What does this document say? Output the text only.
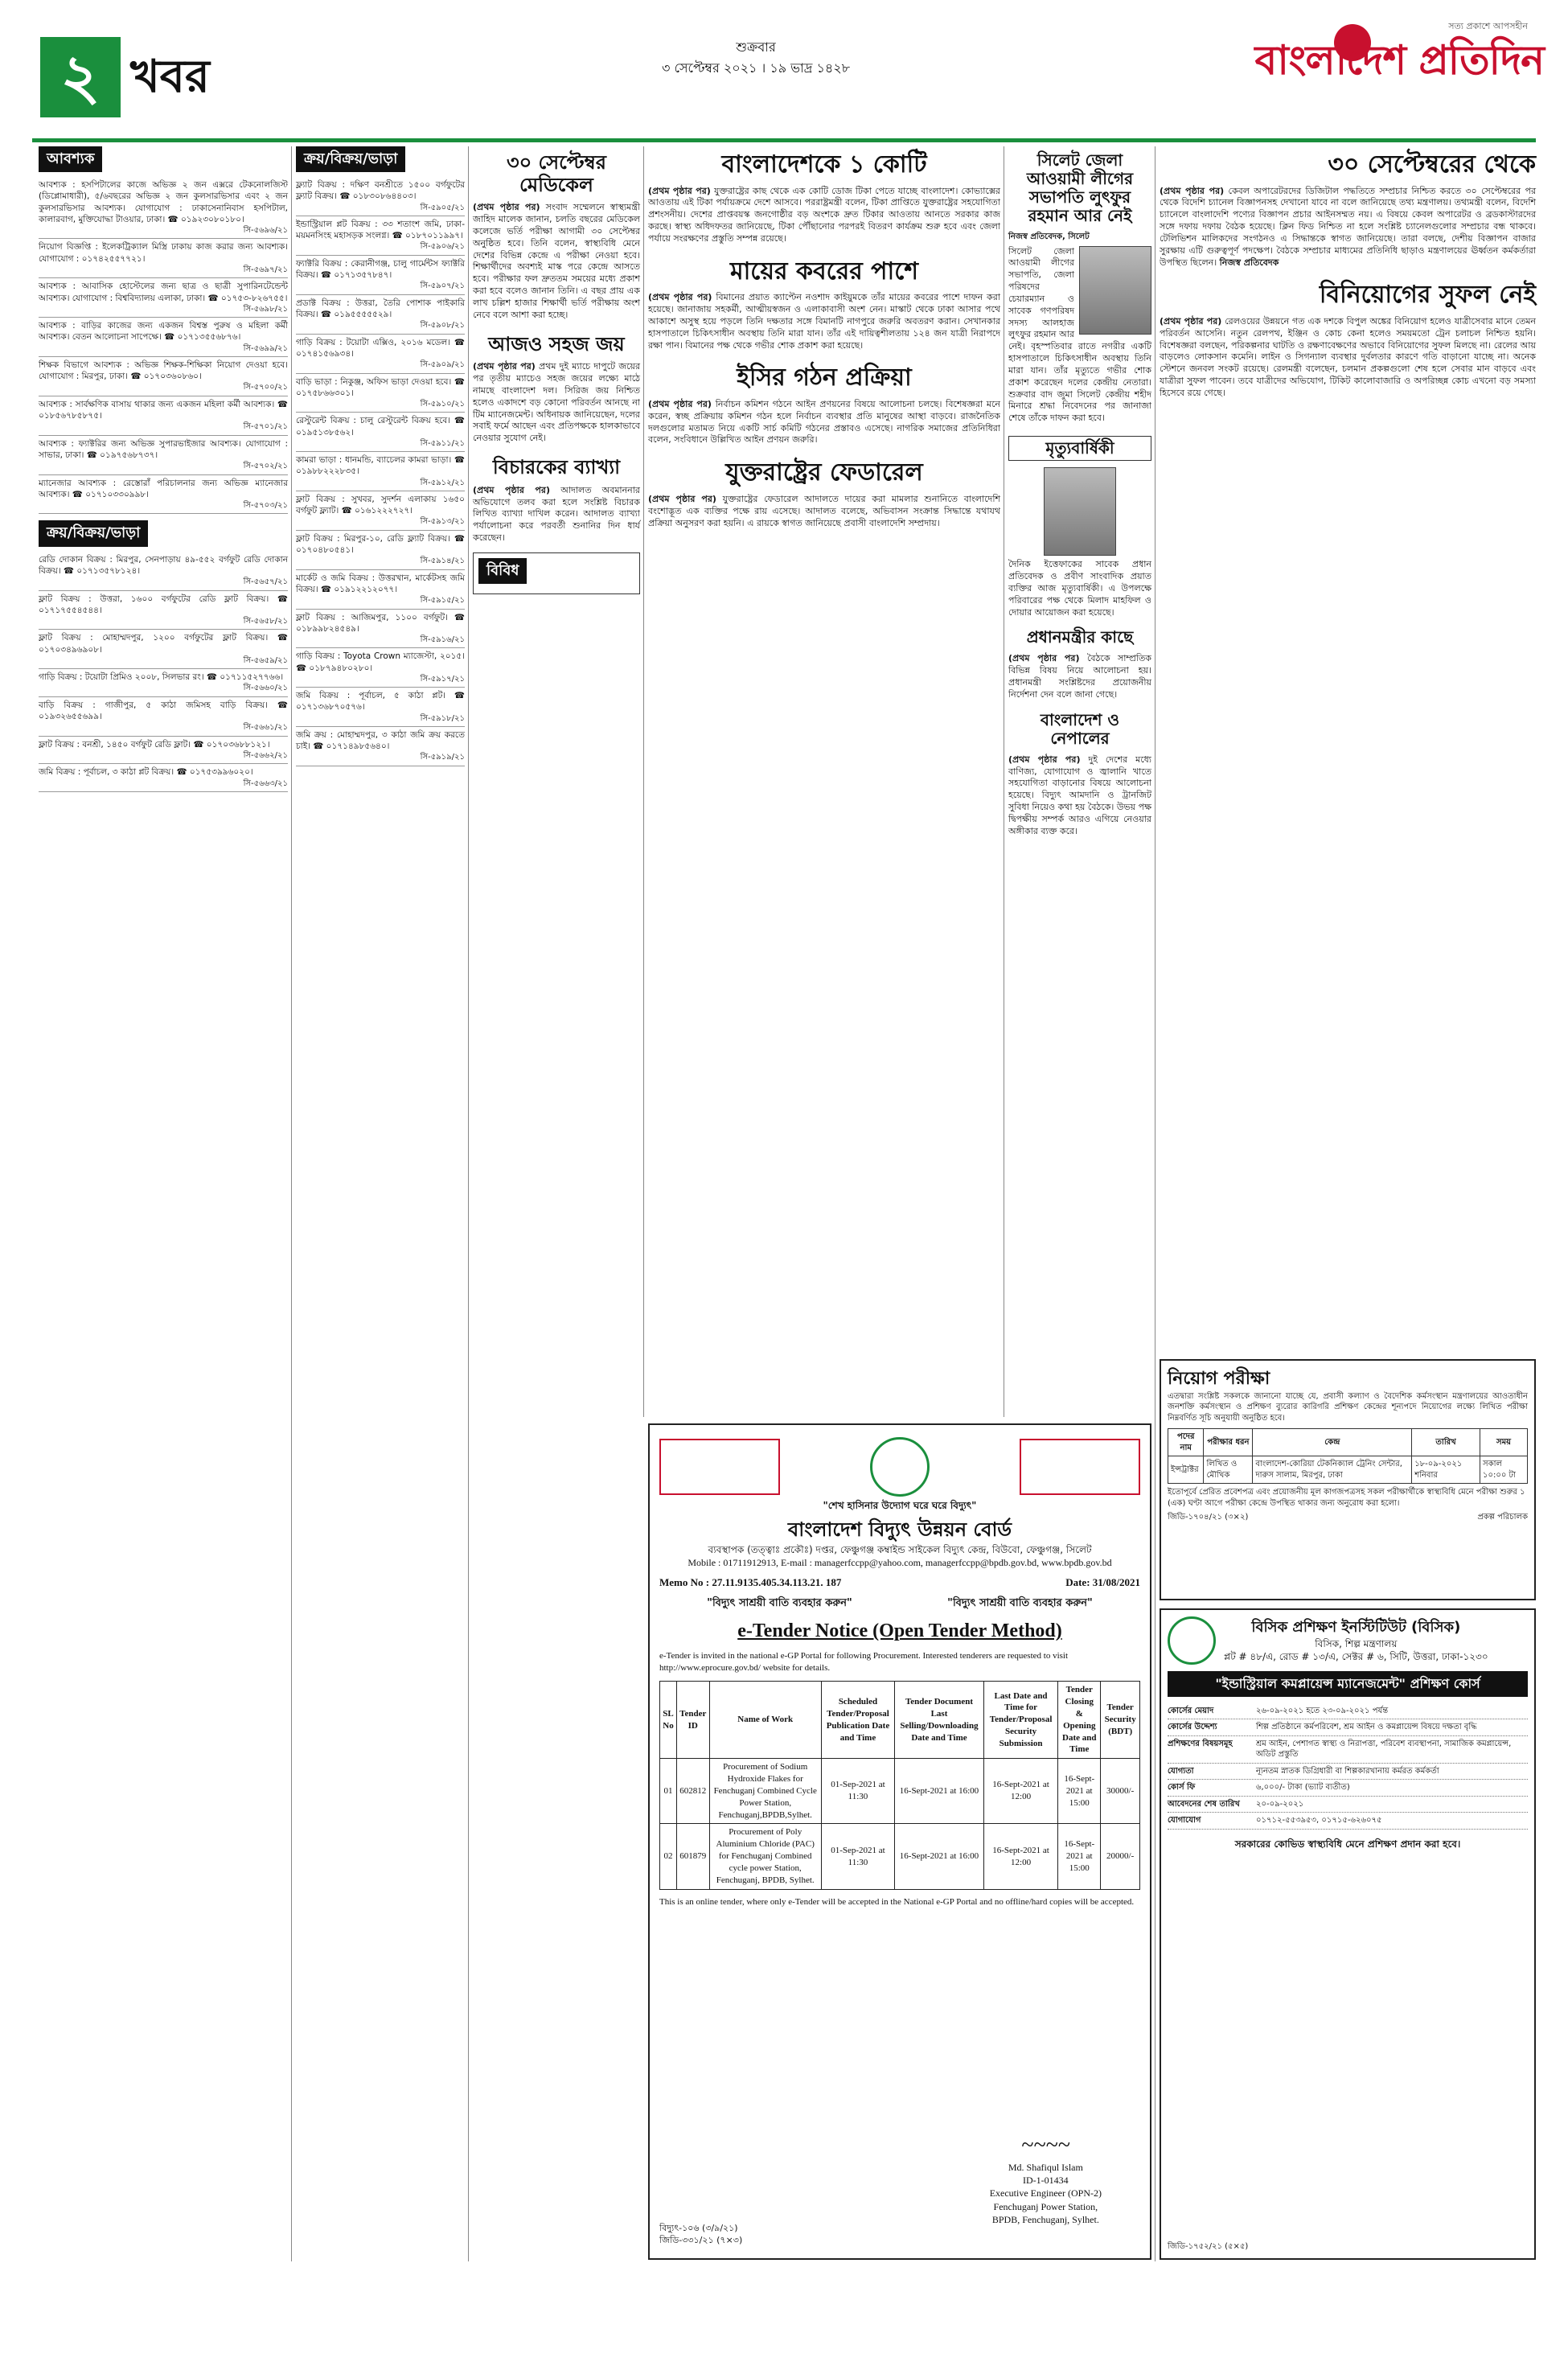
২ খবর
শুক্রবার
৩ সেপ্টেম্বর ২০২১ । ১৯ ভাদ্র ১৪২৮
সত্য প্রকাশে আপসহীন
বাংলাদেশ প্রতিদিন
আবশ্যক
আবশ্যক : হসপিটালের কাজে অভিজ্ঞ ২ জন এক্সরে টেকনোলজিস্ট (ডিপ্লোমাধারী), ৫/৬বছরের অভিজ্ঞ ২ জন কুলসারভিসার এবং ২ জন কুলসারভিসার আবশ্যক। যোগাযোগ : ঢাকাসেনানিবাস হসপিটাল, কালারবাগ, মুক্তিযোদ্ধা টাওয়ার, ঢাকা। ☎ ০১৯২৩০৮০১৮০।
সি-৫৬৯৬/২১
নিয়োগ বিজ্ঞপ্তি : ইলেকট্রিক্যাল মিস্ত্রি ঢাকায় কাজ করার জন্য আবশ্যক। যোগাযোগ : ০১৭৪২৫৫৭৭২১।
সি-৫৬৯৭/২১
আবশ্যক : আবাসিক হোস্টেলের জন্য ছাত্র ও ছাত্রী সুপারিনটেন্ডেন্ট আবশ্যক। যোগাযোগ : বিশ্ববিদ্যালয় এলাকা, ঢাকা। ☎ ০১৭৫৩-৮২৬৭৫৫।
সি-৫৬৯৮/২১
আবশ্যক : বাড়ির কাজের জন্য একজন বিশ্বস্ত পুরুষ ও মহিলা কর্মী আবশ্যক। বেতন আলোচনা সাপেক্ষে। ☎ ০১৭১৩৫৫৬৮৭৬।
সি-৫৬৯৯/২১
শিক্ষক বিভাগে আবশ্যক : অভিজ্ঞ শিক্ষক-শিক্ষিকা নিয়োগ দেওয়া হবে। যোগাযোগ : মিরপুর, ঢাকা। ☎ ০১৭০৩৬০৮৬০।
সি-৫৭০০/২১
আবশ্যক : সার্বক্ষণিক বাসায় থাকার জন্য একজন মহিলা কর্মী আবশ্যক। ☎ ০১৮৫৬৭৮৫৮৭৫।
সি-৫৭০১/২১
আবশ্যক : ফ্যাক্টরির জন্য অভিজ্ঞ সুপারভাইজার আবশ্যক। যোগাযোগ : সাভার, ঢাকা। ☎ ০১৯৭৫৬৮৭৩৭।
সি-৫৭০২/২১
ম্যানেজার আবশ্যক : রেস্তোরাঁ পরিচালনার জন্য অভিজ্ঞ ম্যানেজার আবশ্যক। ☎ ০১৭১০৩৩০৯৯৮।
সি-৫৭০৩/২১
ক্রয়/বিক্রয়/ভাড়া
রেডি দোকান বিক্রয় : মিরপুর, সেনপাড়ায় ৪৯-৫৫২ বর্গফুট রেডি দোকান বিক্রয়। ☎ ০১৭১৩৫৭৮১২৪।
সি-৫৬৫৭/২১
ফ্লাট বিক্রয় : উত্তরা, ১৬০০ বর্গফুটের রেডি ফ্লাট বিক্রয়। ☎ ০১৭১৭৫৫৪৫৪৪।
সি-৫৬৫৮/২১
ফ্লাট বিক্রয় : মোহাম্মদপুর, ১২০০ বর্গফুটের ফ্লাট বিক্রয়। ☎ ০১৭০৩৪৯৬৯০৮।
সি-৫৬৫৯/২১
গাড়ি বিক্রয় : টয়োটা প্রিমিও ২০০৮, সিলভার রং। ☎ ০১৭১১৫২৭৭৬৬।
সি-৫৬৬০/২১
বাড়ি বিক্রয় : গাজীপুর, ৫ কাঠা জমিসহ বাড়ি বিক্রয়। ☎ ০১৯৩২৬৫৫৬৯৯।
সি-৫৬৬১/২১
ফ্লাট বিক্রয় : বনশ্রী, ১৪৫০ বর্গফুট রেডি ফ্লাট। ☎ ০১৭০৩৬৮৮১২১।
সি-৫৬৬২/২১
জমি বিক্রয় : পূর্বাচল, ৩ কাঠা প্লট বিক্রয়। ☎ ০১৭৫৩৯৯৬০২০।
সি-৫৬৬৩/২১
ক্রয়/বিক্রয়/ভাড়া
ফ্ল্যাট বিক্রয় : দক্ষিণ বনশ্রীতে ১৫০০ বর্গফুটের ফ্ল্যাট বিক্রয়। ☎ ০১৮৩০৮৬৪৪০৩।
সি-৫৯০৫/২১
ইন্ডাস্ট্রিয়াল প্লট বিক্রয় : ৩৩ শতাংশ জমি, ঢাকা-ময়মনসিংহ মহাসড়ক সংলগ্ন। ☎ ০১৮৭০১১৯৯৭।
সি-৫৯০৬/২১
ফ্যাক্টরি বিক্রয় : কেরানীগঞ্জ, চালু গার্মেন্টস ফ্যাক্টরি বিক্রয়। ☎ ০১৭১৩৫৭৮৪৭।
সি-৫৯০৭/২১
প্রডাক্ট বিক্রয় : উত্তরা, তৈরি পোশাক পাইকারি বিক্রয়। ☎ ০১৯৫৫৫৫৫২৯।
সি-৫৯০৮/২১
গাড়ি বিক্রয় : টয়োটা এক্সিও, ২০১৬ মডেল। ☎ ০১৭৪১৫৬৯৩৪।
সি-৫৯০৯/২১
বাড়ি ভাড়া : নিকুঞ্জ, অফিস ভাড়া দেওয়া হবে। ☎ ০১৭৫৮৬৬৩০১।
সি-৫৯১০/২১
রেস্টুরেন্ট বিক্রয় : চালু রেস্টুরেন্ট বিক্রয় হবে। ☎ ০১৯৫১৩৮৫৬২।
সি-৫৯১১/২১
কামরা ভাড়া : ধানমন্ডি, ব্যাচেলর কামরা ভাড়া। ☎ ০১৯৮৮২২২৮৩৫।
সি-৫৯১২/২১
ফ্লাট বিক্রয় : সুখবর, সুদর্শন এলাকায় ১৬৫০ বর্গফুট ফ্ল্যাট। ☎ ০১৬১২২২৭২৭।
সি-৫৯১৩/২১
ফ্লাট বিক্রয় : মিরপুর-১০, রেডি ফ্ল্যাট বিক্রয়। ☎ ০১৭০৪৮০৫৪১।
সি-৫৯১৪/২১
মার্কেট ও জমি বিক্রয় : উত্তরখান, মার্কেটসহ জমি বিক্রয়। ☎ ০১৯১২২১২০৭৭।
সি-৫৯১৫/২১
ফ্লাট বিক্রয় : আজিমপুর, ১১০০ বর্গফুট। ☎ ০১৮৯৯৮২৪৫৪৯।
সি-৫৯১৬/২১
গাড়ি বিক্রয় : Toyota Crown ম্যাজেস্টা, ২০১৫। ☎ ০১৮৭৯৪৮০২৮০।
সি-৫৯১৭/২১
জমি বিক্রয় : পূর্বাচল, ৫ কাঠা প্লট। ☎ ০১৭১৩৬৮৭০৫৭৬।
সি-৫৯১৮/২১
জমি ক্রয় : মোহাম্মদপুর, ৩ কাঠা জমি ক্রয় করতে চাই। ☎ ০১৭১৪৯৮৫৬৪০।
সি-৫৯১৯/২১
৩০ সেপ্টেম্বর মেডিকেল
(প্রথম পৃষ্ঠার পর) সংবাদ সম্মেলনে স্বাস্থ্যমন্ত্রী জাহিদ মালেক জানান, চলতি বছরের মেডিকেল কলেজে ভর্তি পরীক্ষা আগামী ৩০ সেপ্টেম্বর অনুষ্ঠিত হবে। তিনি বলেন, স্বাস্থ্যবিধি মেনে দেশের বিভিন্ন কেন্দ্রে এ পরীক্ষা নেওয়া হবে। শিক্ষার্থীদের অবশ্যই মাস্ক পরে কেন্দ্রে আসতে হবে। পরীক্ষার ফল দ্রুততম সময়ের মধ্যে প্রকাশ করা হবে বলেও জানান তিনি। এ বছর প্রায় এক লাখ চল্লিশ হাজার শিক্ষার্থী ভর্তি পরীক্ষায় অংশ নেবে বলে আশা করা হচ্ছে।
আজও সহজ জয়
(প্রথম পৃষ্ঠার পর) প্রথম দুই ম্যাচে দাপুটে জয়ের পর তৃতীয় ম্যাচেও সহজ জয়ের লক্ষ্যে মাঠে নামছে বাংলাদেশ দল। সিরিজ জয় নিশ্চিত হলেও একাদশে বড় কোনো পরিবর্তন আনছে না টিম ম্যানেজমেন্ট। অধিনায়ক জানিয়েছেন, দলের সবাই ফর্মে আছেন এবং প্রতিপক্ষকে হালকাভাবে নেওয়ার সুযোগ নেই।
বিচারকের ব্যাখ্যা
(প্রথম পৃষ্ঠার পর) আদালত অবমাননার অভিযোগে তলব করা হলে সংশ্লিষ্ট বিচারক লিখিত ব্যাখ্যা দাখিল করেন। আদালত ব্যাখ্যা পর্যালোচনা করে পরবর্তী শুনানির দিন ধার্য করেছেন।
বিবিধ
বাংলাদেশকে ১ কোটি
(প্রথম পৃষ্ঠার পর) যুক্তরাষ্ট্রের কাছ থেকে এক কোটি ডোজ টিকা পেতে যাচ্ছে বাংলাদেশ। কোভ্যাক্সের আওতায় এই টিকা পর্যায়ক্রমে দেশে আসবে। পররাষ্ট্রমন্ত্রী বলেন, টিকা প্রাপ্তিতে যুক্তরাষ্ট্রের সহযোগিতা প্রশংসনীয়। দেশের প্রাপ্তবয়স্ক জনগোষ্ঠীর বড় অংশকে দ্রুত টিকার আওতায় আনতে সরকার কাজ করছে। স্বাস্থ্য অধিদফতর জানিয়েছে, টিকা পৌঁছানোর পরপরই বিতরণ কার্যক্রম শুরু হবে এবং জেলা পর্যায়ে সংরক্ষণের প্রস্তুতি সম্পন্ন রয়েছে।
মায়ের কবরের পাশে
(প্রথম পৃষ্ঠার পর) বিমানের প্রয়াত ক্যাপ্টেন নওশাদ কাইয়ুমকে তাঁর মায়ের কবরের পাশে দাফন করা হয়েছে। জানাজায় সহকর্মী, আত্মীয়স্বজন ও এলাকাবাসী অংশ নেন। মাস্কাট থেকে ঢাকা আসার পথে আকাশে অসুস্থ হয়ে পড়লে তিনি দক্ষতার সঙ্গে বিমানটি নাগপুরে জরুরি অবতরণ করান। সেখানকার হাসপাতালে চিকিৎসাধীন অবস্থায় তিনি মারা যান। তাঁর এই দায়িত্বশীলতায় ১২৪ জন যাত্রী নিরাপদে রক্ষা পান। বিমানের পক্ষ থেকে গভীর শোক প্রকাশ করা হয়েছে।
ইসির গঠন প্রক্রিয়া
(প্রথম পৃষ্ঠার পর) নির্বাচন কমিশন গঠনে আইন প্রণয়নের বিষয়ে আলোচনা চলছে। বিশেষজ্ঞরা মনে করেন, স্বচ্ছ প্রক্রিয়ায় কমিশন গঠন হলে নির্বাচন ব্যবস্থার প্রতি মানুষের আস্থা বাড়বে। রাজনৈতিক দলগুলোর মতামত নিয়ে একটি সার্চ কমিটি গঠনের প্রস্তাবও এসেছে। নাগরিক সমাজের প্রতিনিধিরা বলেন, সংবিধানে উল্লিখিত আইন প্রণয়ন জরুরি।
যুক্তরাষ্ট্রের ফেডারেল
(প্রথম পৃষ্ঠার পর) যুক্তরাষ্ট্রের ফেডারেল আদালতে দায়ের করা মামলার শুনানিতে বাংলাদেশি বংশোদ্ভূত এক ব্যক্তির পক্ষে রায় এসেছে। আদালত বলেছে, অভিবাসন সংক্রান্ত সিদ্ধান্তে যথাযথ প্রক্রিয়া অনুসরণ করা হয়নি। এ রায়কে স্বাগত জানিয়েছে প্রবাসী বাংলাদেশি সম্প্রদায়।
সিলেট জেলা আওয়ামী লীগের সভাপতি লুৎফুর রহমান আর নেই
নিজস্ব প্রতিবেদক, সিলেট
সিলেট জেলা আওয়ামী লীগের সভাপতি, জেলা পরিষদের চেয়ারম্যান ও সাবেক গণপরিষদ সদস্য আলহাজ লুৎফুর রহমান আর নেই। বৃহস্পতিবার রাতে নগরীর একটি হাসপাতালে চিকিৎসাধীন অবস্থায় তিনি মারা যান। তাঁর মৃত্যুতে গভীর শোক প্রকাশ করেছেন দলের কেন্দ্রীয় নেতারা। শুক্রবার বাদ জুমা সিলেট কেন্দ্রীয় শহীদ মিনারে শ্রদ্ধা নিবেদনের পর জানাজা শেষে তাঁকে দাফন করা হবে।
মৃত্যুবার্ষিকী
দৈনিক ইত্তেফাকের সাবেক প্রধান প্রতিবেদক ও প্রবীণ সাংবাদিক প্রয়াত ব্যক্তির আজ মৃত্যুবার্ষিকী। এ উপলক্ষে পরিবারের পক্ষ থেকে মিলাদ মাহফিল ও দোয়ার আয়োজন করা হয়েছে।
প্রধানমন্ত্রীর কাছে
(প্রথম পৃষ্ঠার পর) বৈঠকে সাম্প্রতিক বিভিন্ন বিষয় নিয়ে আলোচনা হয়। প্রধানমন্ত্রী সংশ্লিষ্টদের প্রয়োজনীয় নির্দেশনা দেন বলে জানা গেছে।
বাংলাদেশ ও নেপালের
(প্রথম পৃষ্ঠার পর) দুই দেশের মধ্যে বাণিজ্য, যোগাযোগ ও জ্বালানি খাতে সহযোগিতা বাড়ানোর বিষয়ে আলোচনা হয়েছে। বিদ্যুৎ আমদানি ও ট্রানজিট সুবিধা নিয়েও কথা হয় বৈঠকে। উভয় পক্ষ দ্বিপক্ষীয় সম্পর্ক আরও এগিয়ে নেওয়ার অঙ্গীকার ব্যক্ত করে।
৩০ সেপ্টেম্বরের থেকে
(প্রথম পৃষ্ঠার পর) কেবল অপারেটরদের ডিজিটাল পদ্ধতিতে সম্প্রচার নিশ্চিত করতে ৩০ সেপ্টেম্বরের পর থেকে বিদেশি চ্যানেল বিজ্ঞাপনসহ দেখানো যাবে না বলে জানিয়েছে তথ্য মন্ত্রণালয়। তথ্যমন্ত্রী বলেন, বিদেশি চ্যানেলে বাংলাদেশি পণ্যের বিজ্ঞাপন প্রচার আইনসম্মত নয়। এ বিষয়ে কেবল অপারেটর ও ব্রডকাস্টারদের সঙ্গে দফায় দফায় বৈঠক হয়েছে। ক্লিন ফিড নিশ্চিত না হলে সংশ্লিষ্ট চ্যানেলগুলোর সম্প্রচার বন্ধ থাকবে। টেলিভিশন মালিকদের সংগঠনও এ সিদ্ধান্তকে স্বাগত জানিয়েছে। তারা বলছে, দেশীয় বিজ্ঞাপন বাজার সুরক্ষায় এটি গুরুত্বপূর্ণ পদক্ষেপ। বৈঠকে সম্প্রচার মাধ্যমের প্রতিনিধি ছাড়াও মন্ত্রণালয়ের ঊর্ধ্বতন কর্মকর্তারা উপস্থিত ছিলেন। নিজস্ব প্রতিবেদক
বিনিয়োগের সুফল নেই
(প্রথম পৃষ্ঠার পর) রেলওয়ের উন্নয়নে গত এক দশকে বিপুল অঙ্কের বিনিয়োগ হলেও যাত্রীসেবার মানে তেমন পরিবর্তন আসেনি। নতুন রেলপথ, ইঞ্জিন ও কোচ কেনা হলেও সময়মতো ট্রেন চলাচল নিশ্চিত হয়নি। বিশেষজ্ঞরা বলছেন, পরিকল্পনার ঘাটতি ও রক্ষণাবেক্ষণের অভাবে বিনিয়োগের সুফল মিলছে না। রেলের আয় বাড়লেও লোকসান কমেনি। লাইন ও সিগন্যাল ব্যবস্থার দুর্বলতার কারণে গতি বাড়ানো যাচ্ছে না। অনেক স্টেশনে জনবল সংকট রয়েছে। রেলমন্ত্রী বলেছেন, চলমান প্রকল্পগুলো শেষ হলে সেবার মান বাড়বে এবং যাত্রীরা সুফল পাবেন। তবে যাত্রীদের অভিযোগ, টিকিট কালোবাজারি ও অপরিচ্ছন্ন কোচ এখনো বড় সমস্যা হিসেবে রয়ে গেছে।
"শেখ হাসিনার উদ্যোগ ঘরে ঘরে বিদ্যুৎ"
বাংলাদেশ বিদ্যুৎ উন্নয়ন বোর্ড
ব্যবস্থাপক (তত্ত্বাঃ প্রকৌঃ) দপ্তর, ফেঞ্চুগঞ্জ কম্বাইন্ড সাইকেল বিদ্যুৎ কেন্দ্র, বিউবো, ফেঞ্চুগঞ্জ, সিলেট
Mobile : 01711912913, E-mail : managerfccpp@yahoo.com, managerfccpp@bpdb.gov.bd, www.bpdb.gov.bd
Memo No : 27.11.9135.405.34.113.21. 187	Date: 31/08/2021
"বিদ্যুৎ সাশ্রয়ী বাতি ব্যবহার করুন"	"বিদ্যুৎ সাশ্রয়ী বাতি ব্যবহার করুন"
e-Tender Notice (Open Tender Method)
e-Tender is invited in the national e-GP Portal for following Procurement. Interested tenderers are requested to visit http://www.eprocure.gov.bd/ website for details.
SL No	Tender ID	Name of Work	Scheduled Tender/Proposal Publication Date and Time	Tender Document Last Selling/Downloading Date and Time	Last Date and Time for Tender/Proposal Security Submission	Tender Closing & Opening Date and Time	Tender Security (BDT)
01	602812	Procurement of Sodium Hydroxide Flakes for Fenchuganj Combined Cycle Power Station, Fenchuganj,BPDB,Sylhet.	01-Sep-2021 at 11:30	16-Sept-2021 at 16:00	16-Sept-2021 at 12:00	16-Sept-2021 at 15:00	30000/-
02	601879	Procurement of Poly Aluminium Chloride (PAC) for Fenchuganj Combined cycle power Station, Fenchuganj, BPDB, Sylhet.	01-Sep-2021 at 11:30	16-Sept-2021 at 16:00	16-Sept-2021 at 12:00	16-Sept-2021 at 15:00	20000/-
This is an online tender, where only e-Tender will be accepted in the National e-GP Portal and no offline/hard copies will be accepted.
~~~~
Md. Shafiqul Islam
ID-1-01434
Executive Engineer (OPN-2)
Fenchuganj Power Station,
BPDB, Fenchuganj, Sylhet.
বিদ্যুৎ-১০৬ (৩/৯/২১)
জিডি-৩৩১/২১ (৭×৩)
নিয়োগ পরীক্ষা
এতদ্বারা সংশ্লিষ্ট সকলকে জানানো যাচ্ছে যে, প্রবাসী কল্যাণ ও বৈদেশিক কর্মসংস্থান মন্ত্রণালয়ের আওতাধীন জনশক্তি কর্মসংস্থান ও প্রশিক্ষণ ব্যুরোর কারিগরি প্রশিক্ষণ কেন্দ্রের শূন্যপদে নিয়োগের লক্ষ্যে লিখিত পরীক্ষা নিম্নবর্ণিত সূচি অনুযায়ী অনুষ্ঠিত হবে।
পদের নাম	পরীক্ষার ধরন	কেন্দ্র	তারিখ	সময়
ইন্সট্রাক্টর	লিখিত ও মৌখিক	বাংলাদেশ-কোরিয়া টেকনিক্যাল ট্রেনিং সেন্টার, দারুস সালাম, মিরপুর, ঢাকা	১৮-০৯-২০২১ শনিবার	সকাল ১০:০০ টা
ইতোপূর্বে প্রেরিত প্রবেশপত্র এবং প্রয়োজনীয় মূল কাগজপত্রসহ সকল পরীক্ষার্থীকে স্বাস্থ্যবিধি মেনে পরীক্ষা শুরুর ১ (এক) ঘণ্টা আগে পরীক্ষা কেন্দ্রে উপস্থিত থাকার জন্য অনুরোধ করা হলো।
জিডি-১৭০৪/২১ (৩×২)	প্রকল্প পরিচালক
বিসিক প্রশিক্ষণ ইনস্টিটিউট (বিসিক)
বিসিক, শিল্প মন্ত্রণালয়
প্লট # ৪৮/এ, রোড # ১৩/এ, সেক্টর # ৬, সিটি, উত্তরা, ঢাকা-১২৩০
"ইন্ডাস্ট্রিয়াল কমপ্লায়েন্স ম্যানেজমেন্ট" প্রশিক্ষণ কোর্স
কোর্সের মেয়াদ	২৬-০৯-২০২১ হতে ২৩-০৯-২০২১ পর্যন্ত
কোর্সের উদ্দেশ্য	শিল্প প্রতিষ্ঠানে কর্মপরিবেশ, শ্রম আইন ও কমপ্লায়েন্স বিষয়ে দক্ষতা বৃদ্ধি
প্রশিক্ষণের বিষয়সমূহ	শ্রম আইন, পেশাগত স্বাস্থ্য ও নিরাপত্তা, পরিবেশ ব্যবস্থাপনা, সামাজিক কমপ্লায়েন্স, অডিট প্রস্তুতি
যোগ্যতা	ন্যূনতম স্নাতক ডিগ্রিধারী বা শিল্পকারখানায় কর্মরত কর্মকর্তা
কোর্স ফি	৬,০০০/- টাকা (ভ্যাট ব্যতীত)
আবেদনের শেষ তারিখ	২০-০৯-২০২১
যোগাযোগ	০১৭১২-৫৫৩৯৫৩, ০১৭১৫-৬২৬০৭৫
সরকারের কোভিড স্বাস্থ্যবিধি মেনে প্রশিক্ষণ প্রদান করা হবে।
জিডি-১৭৫২/২১ (৫×৫)
